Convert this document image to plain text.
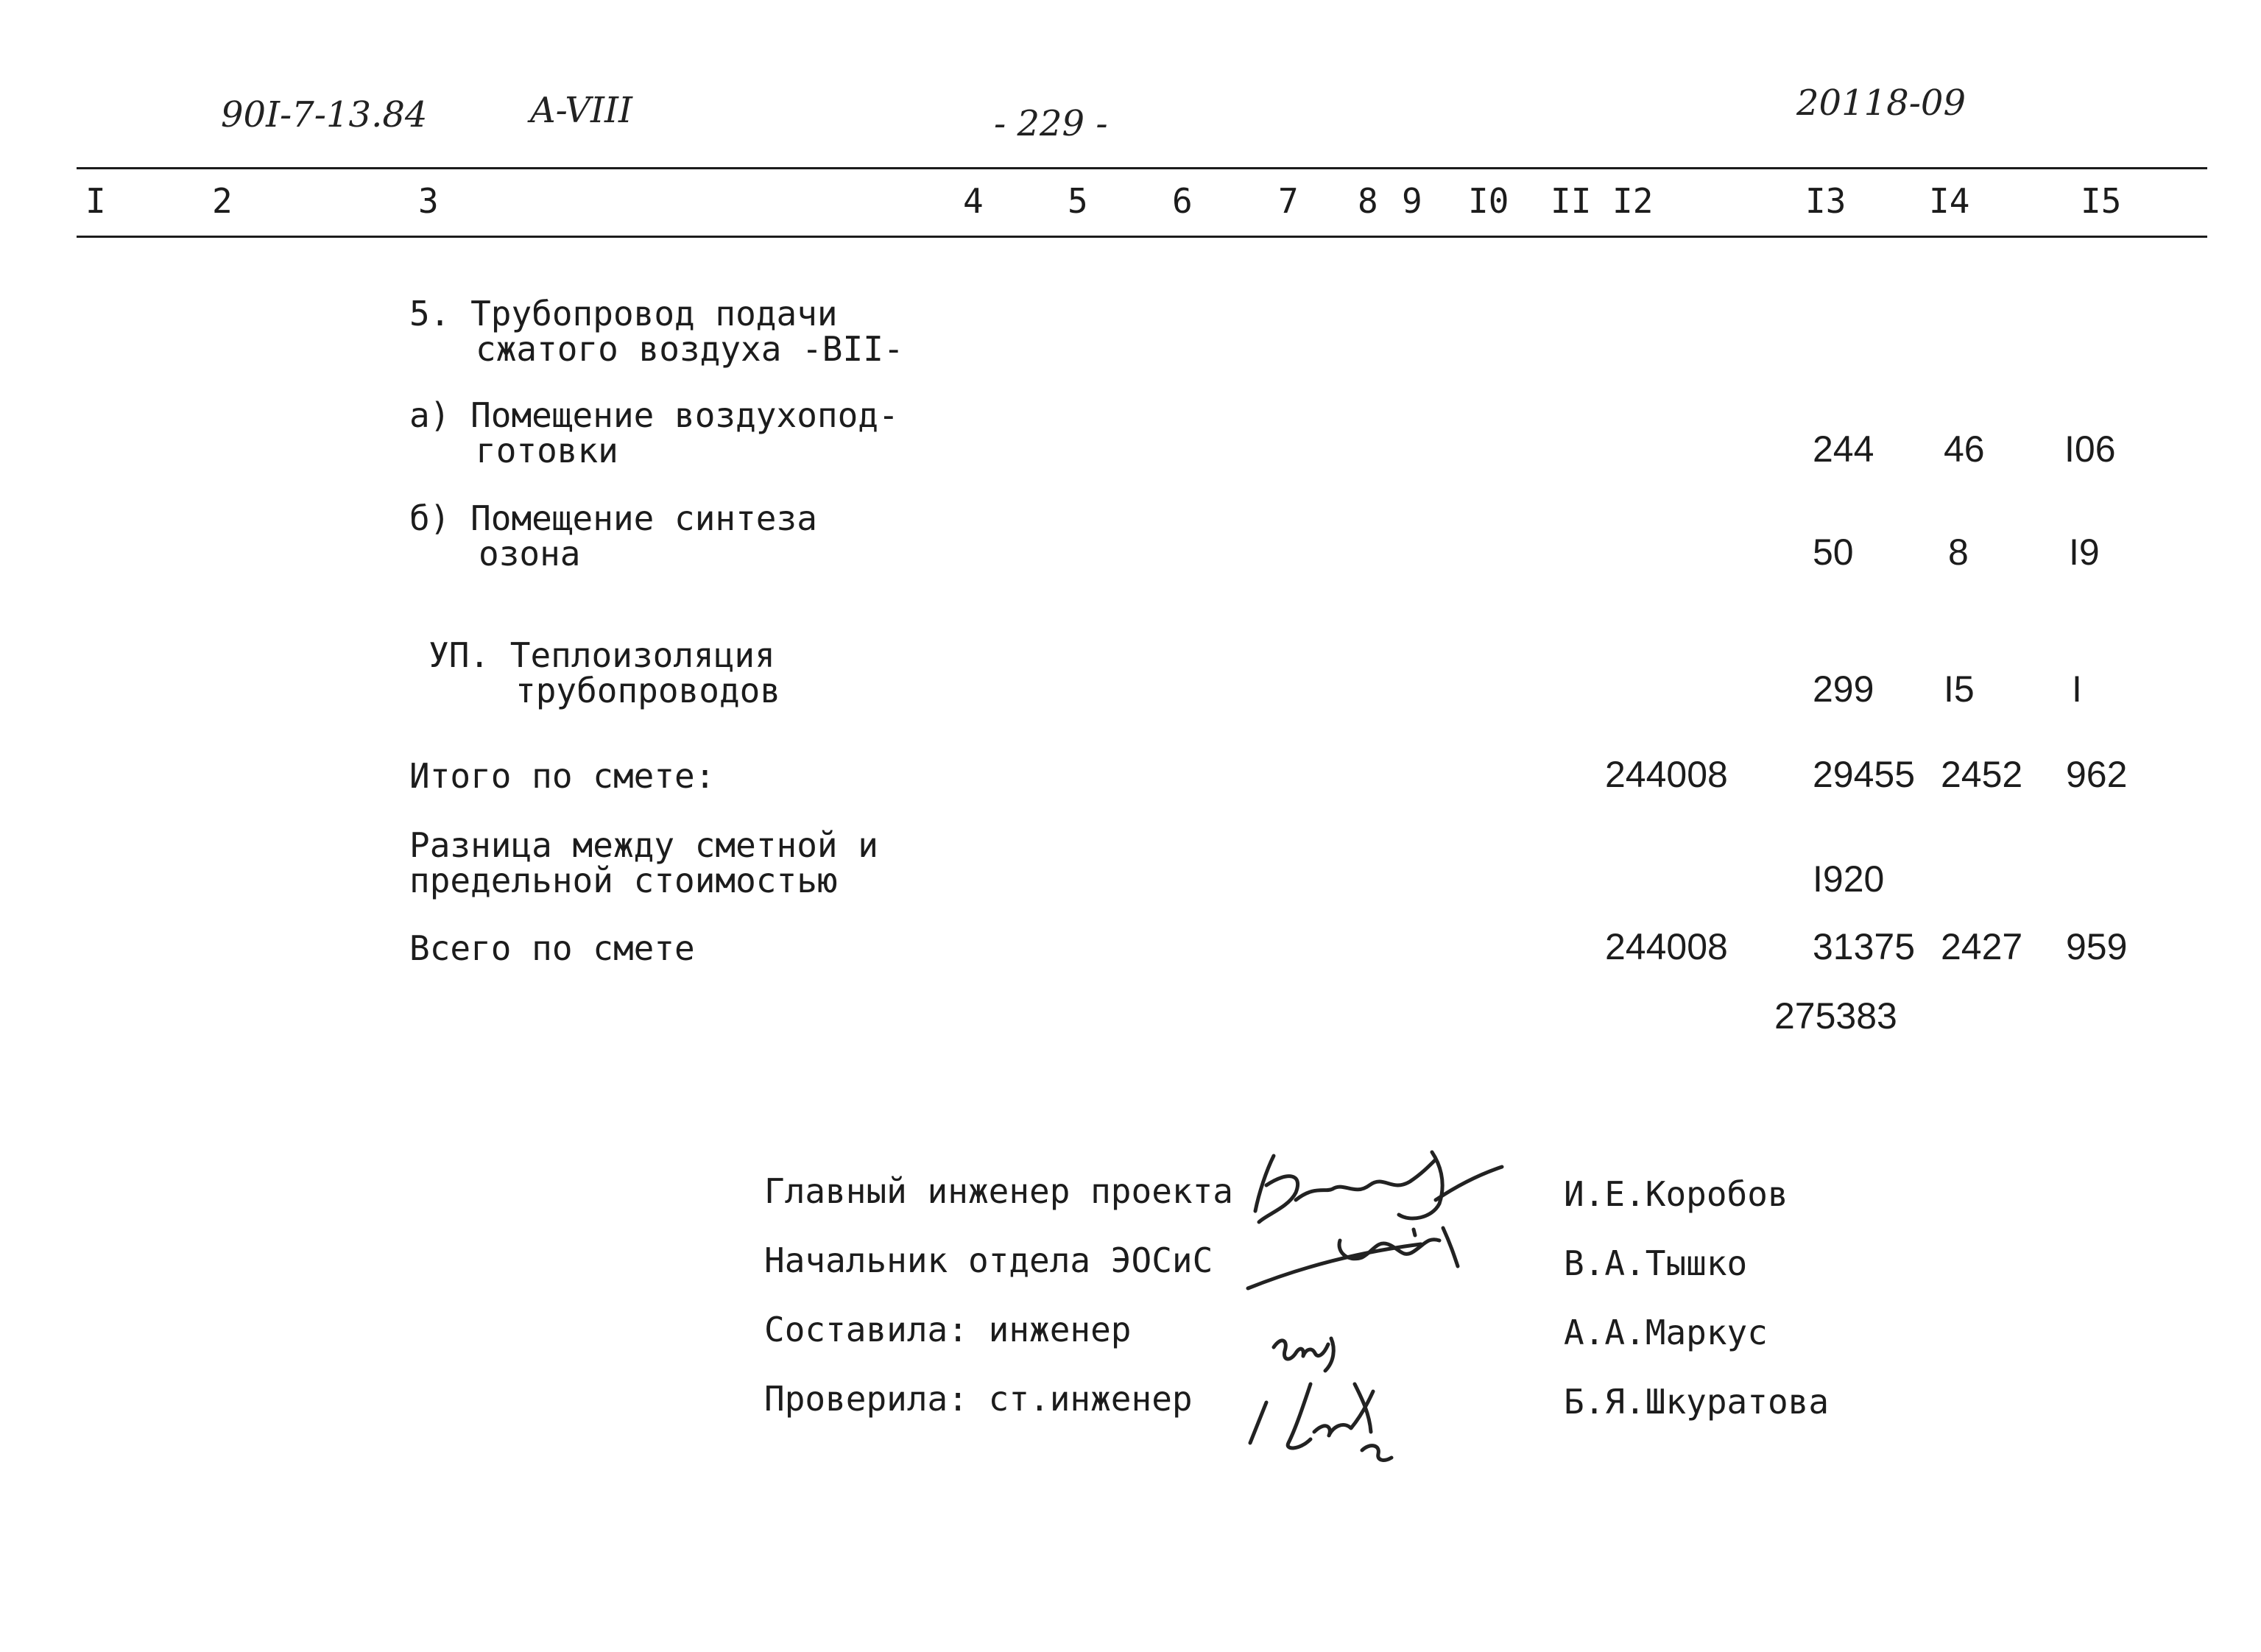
90I-7-13.84	A-VIII	- 229 -	20118-09
I	2	3	4 5 6	7 8 9 I0 II I2	I3 I4	I5
5. Трубопровод подачи
сжатого воздуха -ВII-
а) Помещение воздухопод-
готовки	244 46 I06
б) Помещение синтеза
озона	50	8	I9
УП. Теплоизоляция
трубопроводов	299 I5	I
Итого по смете:	244008 29455 2452 962
Разница между сметной и
предельной стоимостью	I920
Всего по смете	244008 31375 2427 959
275383
Главный инженер проекта	И.Е.Коробов
Начальник отдела ЭОСиС	В.А.Тышко
Составила: инженер	А.А.Маркус
Проверила: ст.инженер	Б.Я.Шкуратова
